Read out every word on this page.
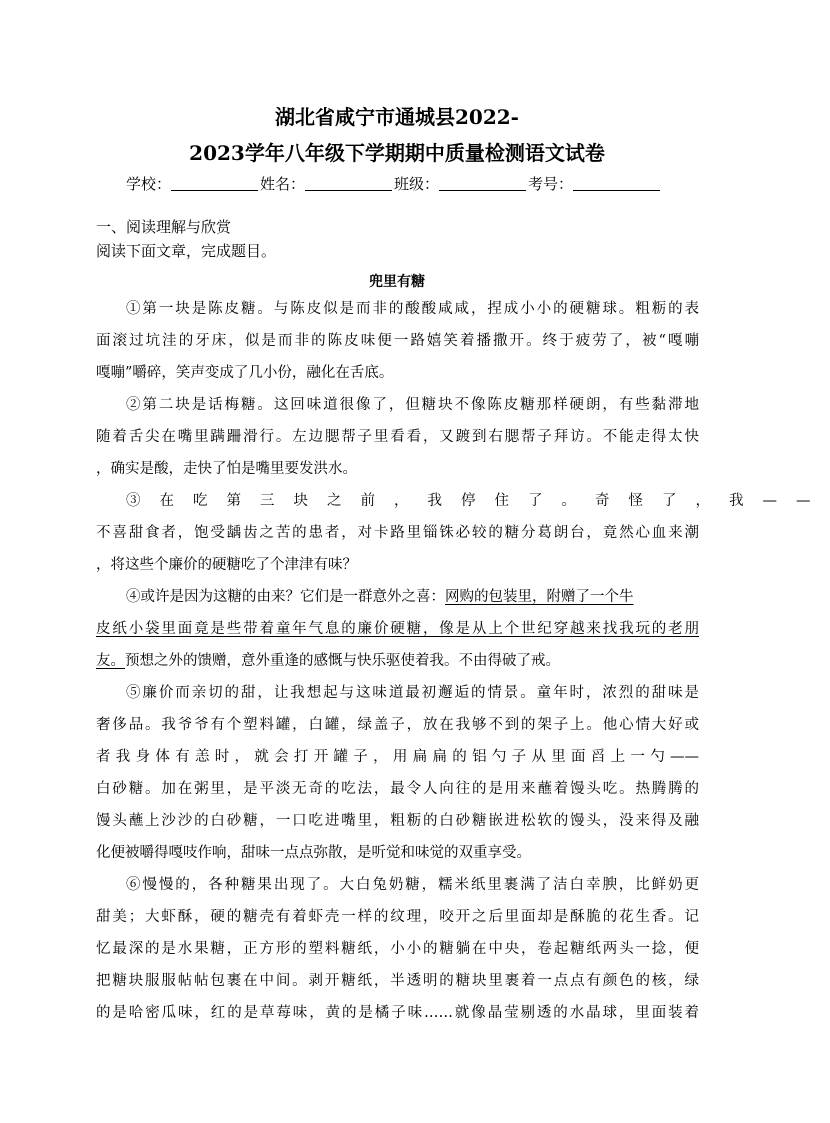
湖北省咸宁市通城县2022-
2023学年八年级下学期期中质量检测语文试卷
学校：	姓名：	班级：	考号：
一、阅读理解与欣赏
阅读下面文章，完成题目。
兜里有糖
①第一块是陈皮糖。与陈皮似是而非的酸酸咸咸，捏成小小的硬糖球。粗粝的表
面滚过坑洼的牙床，似是而非的陈皮味便一路嬉笑着播撒开。终于疲劳了，被“嘎嘣
嘎嘣”嚼碎，笑声变成了几小份，融化在舌底。
②第二块是话梅糖。这回味道很像了，但糖块不像陈皮糖那样硬朗，有些黏滞地
随着舌尖在嘴里蹒跚滑行。左边腮帮子里看看，又踱到右腮帮子拜访。不能走得太快
，确实是酸，走快了怕是嘴里要发洪水。
③在吃第三块之前，我停住了。奇怪了，我——
不喜甜食者，饱受龋齿之苦的患者，对卡路里锱铢必较的糖分葛朗台，竟然心血来潮
，将这些个廉价的硬糖吃了个津津有味？
④或许是因为这糖的由来？它们是一群意外之喜：网购的包装里，附赠了一个牛
皮纸小袋里面竟是些带着童年气息的廉价硬糖，像是从上个世纪穿越来找我玩的老朋
友。预想之外的馈赠，意外重逢的感慨与快乐驱使着我。不由得破了戒。
⑤廉价而亲切的甜，让我想起与这味道最初邂逅的情景。童年时，浓烈的甜味是
奢侈品。我爷爷有个塑料罐，白罐，绿盖子，放在我够不到的架子上。他心情大好或
者我身体有恙时，就会打开罐子，用扁扁的铝勺子从里面舀上一勺——
白砂糖。加在粥里，是平淡无奇的吃法，最令人向往的是用来蘸着馒头吃。热腾腾的
馒头蘸上沙沙的白砂糖，一口吃进嘴里，粗粝的白砂糖嵌进松软的馒头，没来得及融
化便被嚼得嘎吱作响，甜味一点点弥散，是听觉和味觉的双重享受。
⑥慢慢的，各种糖果出现了。大白兔奶糖，糯米纸里裹满了洁白幸腴，比鲜奶更
甜美；大虾酥，硬的糖壳有着虾壳一样的纹理，咬开之后里面却是酥脆的花生香。记
忆最深的是水果糖，正方形的塑料糖纸，小小的糖躺在中央，卷起糖纸两头一捻，便
把糖块服服帖帖包裹在中间。剥开糖纸，半透明的糖块里裹着一点点有颜色的核，绿
的是哈密瓜味，红的是草莓味，黄的是橘子味……就像晶莹剔透的水晶球，里面装着
